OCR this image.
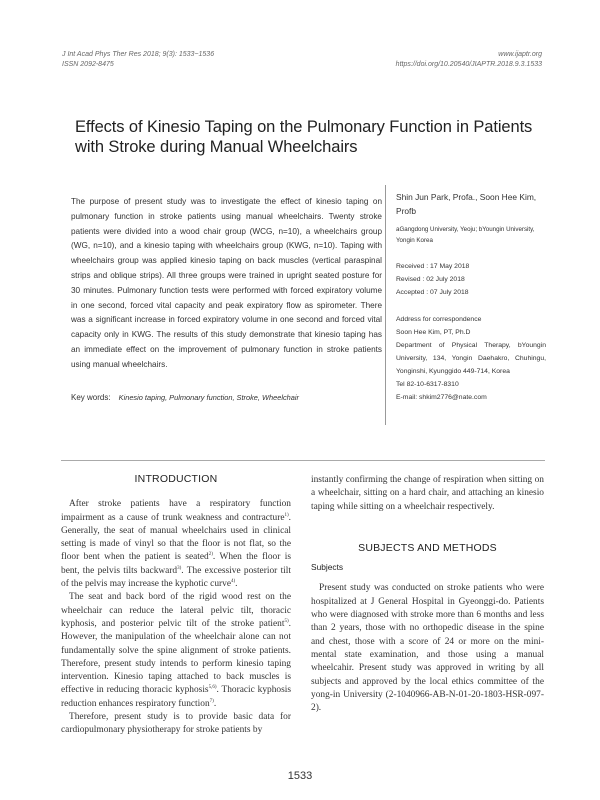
J Int Acad Phys Ther Res 2018; 9(3): 1533~1536
ISSN 2092-8475
www.ijaptr.org
https://doi.org/10.20540/JIAPTR.2018.9.3.1533
Effects of Kinesio Taping on the Pulmonary Function in Patients with Stroke during Manual Wheelchairs
The purpose of present study was to investigate the effect of kinesio taping on pulmonary function in stroke patients using manual wheelchairs. Twenty stroke patients were divided into a wood chair group (WCG, n=10), a wheelchairs group (WG, n=10), and a kinesio taping with wheelchairs group (KWG, n=10). Taping with wheelchairs group was applied kinesio taping on back muscles (vertical paraspinal strips and oblique strips). All three groups were trained in upright seated posture for 30 minutes. Pulmonary function tests were performed with forced expiratory volume in one second, forced vital capacity and peak expiratory flow as spirometer. There was a significant increase in forced expiratory volume in one second and forced vital capacity only in KWG. The results of this study demonstrate that kinesio taping has an immediate effect on the improvement of pulmonary function in stroke patients using manual wheelchairs.
Key words: Kinesio taping, Pulmonary function, Stroke, Wheelchair
Shin Jun Park, Profa., Soon Hee Kim, Profb
aGangdong University, Yeoju; bYoungin University, Yongin Korea
Received : 17 May 2018
Revised : 02 July 2018
Accepted : 07 July 2018
Address for correspondence
Soon Hee Kim, PT, Ph.D
Department of Physical Therapy, bYoungin University, 134, Yongin Daehakro, Chuhingu, Yonginshi, Kyunggido 449-714, Korea
Tel 82-10-6317-8310
E-mail: shkim2776@nate.com
INTRODUCTION

After stroke patients have a respiratory function impairment as a cause of trunk weakness and contracture$^{1)}$. Generally, the seat of manual wheelchairs used in clinical setting is made of vinyl so that the floor is not flat, so the floor bent when the patient is seated$^{2)}$. When the floor is bent, the pelvis tilts backward$^{3)}$. The excessive posterior tilt of the pelvis may increase the kyphotic curve$^{4)}$.

The seat and back bord of the rigid wood rest on the wheelchair can reduce the lateral pelvic tilt, thoracic kyphosis, and posterior pelvic tilt of the stroke patient$^{5)}$. However, the manipulation of the wheelchair alone can not fundamentally solve the spine alignment of stroke patients. Therefore, present study intends to perform kinesio taping intervention. Kinesio taping attached to back muscles is effective in reducing thoracic kyphosis$^{5,6)}$. Thoracic kyphosis reduction enhances respiratory function$^{7)}$.

Therefore, present study is to provide basic data for cardiopulmonary physiotherapy for stroke patients by

instantly confirming the change of respiration when sitting on a wheelchair, sitting on a hard chair, and attaching an kinesio taping while sitting on a wheelchair respectively.

SUBJECTS AND METHODS
Subjects

Present study was conducted on stroke patients who were hospitalized at J General Hospital in Gyeonggi-do. Patients who were diagnosed with stroke more than 6 months and less than 2 years, those with no orthopedic disease in the spine and chest, those with a score of 24 or more on the mini-mental state examination, and those using a manual wheelcahir. Present study was approved in writing by all subjects and approved by the local ethics committee of the yong-in University (2-1040966-AB-N-01-20-1803-HSR-097-2).

1533
